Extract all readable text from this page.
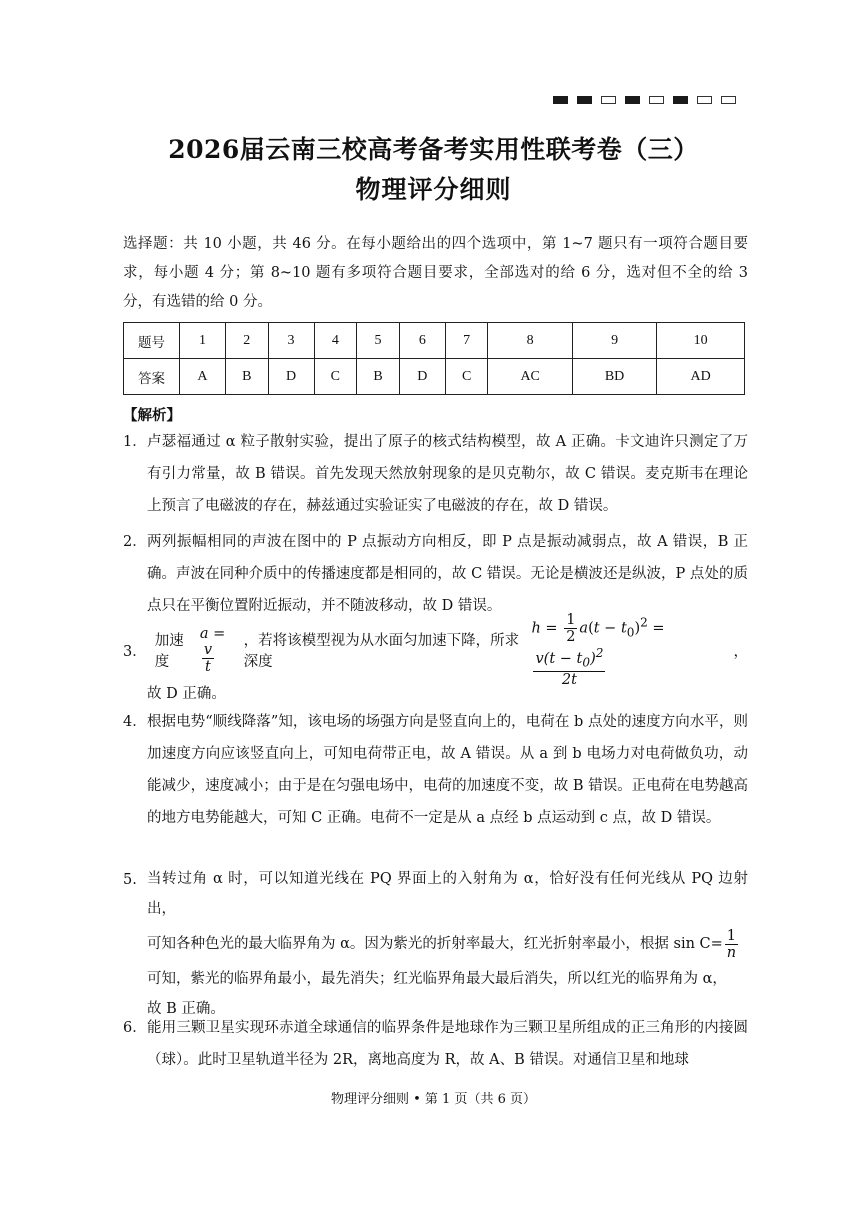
2026届云南三校高考备考实用性联考卷（三）
物理评分细则
选择题：共 10 小题，共 46 分。在每小题给出的四个选项中，第 1~7 题只有一项符合题目要求，每小题 4 分；第 8~10 题有多项符合题目要求，全部选对的给 6 分，选对但不全的给 3 分，有选错的给 0 分。
题号	1	2	3	4	5	6	7	8	9	10
答案	A	B	D	C	B	D	C	AC	BD	AD
【解析】
1． 卢瑟福通过 α 粒子散射实验，提出了原子的核式结构模型，故 A 正确。卡文迪许只测定了万有引力常量，故 B 错误。首先发现天然放射现象的是贝克勒尔，故 C 错误。麦克斯韦在理论上预言了电磁波的存在，赫兹通过实验证实了电磁波的存在，故 D 错误。
2． 两列振幅相同的声波在图中的 P 点振动方向相反，即 P 点是振动减弱点，故 A 错误，B 正确。声波在同种介质中的传播速度都是相同的，故 C 错误。无论是横波还是纵波，P 点处的质点只在平衡位置附近振动，并不随波移动，故 D 错误。
3．
加速度
a =
$\frac{v}{t}$
，若将该模型视为从水面匀加速下降，所求深度
$h = \frac{1}{2} a(t - t_0)^2$ =
$\frac{v(t - t_0)^2}{2t}$	，
故 D 正确。
4． 根据电势“顺线降落”知，该电场的场强方向是竖直向上的，电荷在 b 点处的速度方向水平，则加速度方向应该竖直向上，可知电荷带正电，故 A 错误。从 a 到 b 电场力对电荷做负功，动能减少，速度减小；由于是在匀强电场中，电荷的加速度不变，故 B 错误。正电荷在电势越高的地方电势能越大，可知 C 正确。电荷不一定是从 a 点经 b 点运动到 c 点，故 D 错误。
5. 当转过角 α 时，可以知道光线在 PQ 界面上的入射角为 α，恰好没有任何光线从 PQ 边射出，
可知各种色光的最大临界角为 α。因为紫光的折射率最大，红光折射率最小，根据 $\sin C= \frac{1}{n}$
可知，紫光的临界角最小，最先消失；红光临界角最大最后消失，所以红光的临界角为 α，
故 B 正确。
6． 能用三颗卫星实现环赤道全球通信的临界条件是地球作为三颗卫星所组成的正三角形的内接圆（球）。此时卫星轨道半径为 2R，离地高度为 R，故 A、B 错误。对通信卫星和地球
物理评分细则 • 第 1 页（共 6 页）
